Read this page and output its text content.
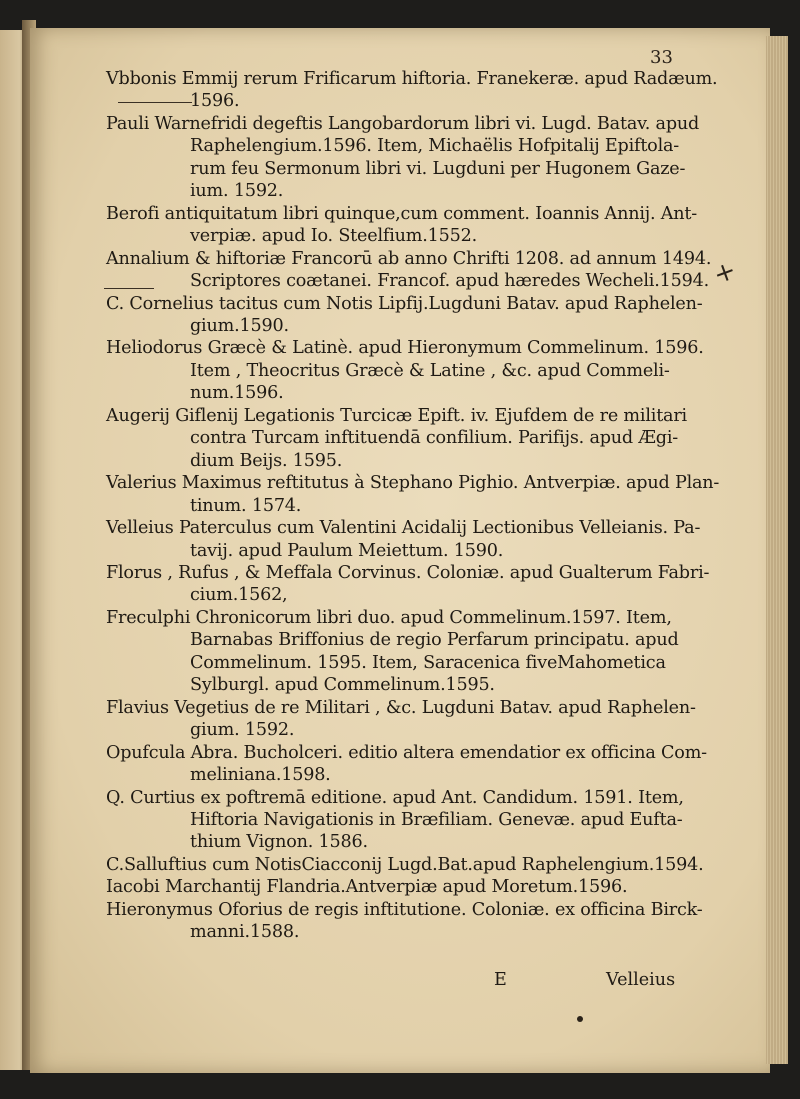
33
Vbbonis Emmij rerum Frificarum hiftoria. Franekeræ. apud Radæum.
1596.
Pauli Warnefridi degeftis Langobardorum libri vi. Lugd. Batav. apud
Raphelengium.1596. Item, Michaëlis Hofpitalij Epiftola-
rum feu Sermonum libri vi. Lugduni per Hugonem Gaze-
ium. 1592.
Berofi antiquitatum libri quinque,cum comment. Ioannis Annij. Ant-
verpiæ. apud Io. Steelfium.1552.
Annalium & hiftoriæ Francorū ab anno Chrifti 1208. ad annum 1494.
Scriptores coætanei. Francof. apud hæredes Wecheli.1594.
C. Cornelius tacitus cum Notis Lipfij.Lugduni Batav. apud Raphelen-
gium.1590.
Heliodorus Græcè & Latinè. apud Hieronymum Commelinum. 1596.
Item , Theocritus Græcè & Latine , &c. apud Commeli-
num.1596.
Augerij Giflenij Legationis Turcicæ Epift. iv. Ejufdem de re militari
contra Turcam inftituendā confilium. Parifijs. apud Ægi-
dium Beijs. 1595.
Valerius Maximus reftitutus à Stephano Pighio. Antverpiæ. apud Plan-
tinum. 1574.
Velleius Paterculus cum Valentini Acidalij Lectionibus Velleianis. Pa-
tavij. apud Paulum Meiettum. 1590.
Florus , Rufus , & Meffala Corvinus. Coloniæ. apud Gualterum Fabri-
cium.1562,
Freculphi Chronicorum libri duo. apud Commelinum.1597. Item,
Barnabas Briffonius de regio Perfarum principatu. apud
Commelinum. 1595. Item, Saracenica fiveMahometica
Sylburgl. apud Commelinum.1595.
Flavius Vegetius de re Militari , &c. Lugduni Batav. apud Raphelen-
gium. 1592.
Opufcula Abra. Bucholceri. editio altera emendatior ex officina Com-
meliniana.1598.
Q. Curtius ex poftremā editione. apud Ant. Candidum. 1591. Item,
Hiftoria Navigationis in Bræfiliam. Genevæ. apud Eufta-
thium Vignon. 1586.
C.Salluftius cum NotisCiacconij Lugd.Bat.apud Raphelengium.1594.
Iacobi Marchantij Flandria.Antverpiæ apud Moretum.1596.
Hieronymus Oforius de regis inftitutione. Coloniæ. ex officina Birck-
manni.1588.
+
E	Velleius
